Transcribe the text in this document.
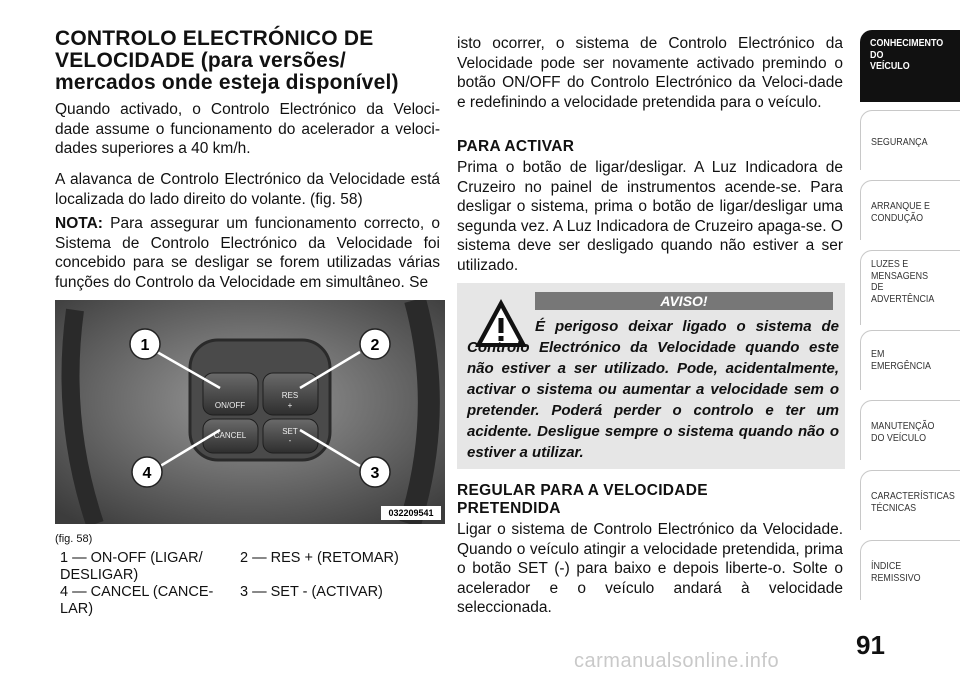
CONTROLO ELECTRÓNICO DE VELOCIDADE (para versões/ mercados onde esteja disponível)

Quando activado, o Controlo Electrónico da Veloci-dade assume o funcionamento do acelerador a veloci-dades superiores a 40 km/h.

A alavanca de Controlo Electrónico da Velocidade está localizada do lado direito do volante. (fig. 58)

NOTA: Para assegurar um funcionamento correcto, o Sistema de Controlo Electrónico da Velocidade foi concebido para se desligar se forem utilizadas várias funções do Controlo da Velocidade em simultâneo. Se

ON/OFF
CANCEL
RES
+
SET
-
1	2
3
4
032209541
(fig. 58)
1 — ON-OFF (LIGAR/ DESLIGAR)
2 — RES + (RETOMAR)
4 — CANCEL (CANCE-LAR)
3 — SET - (ACTIVAR)

isto ocorrer, o sistema de Controlo Electrónico da Velocidade pode ser novamente activado premindo o botão ON/OFF do Controlo Electrónico da Veloci-dade e redefinindo a velocidade pretendida para o veículo.

PARA ACTIVAR

Prima o botão de ligar/desligar. A Luz Indicadora de Cruzeiro no painel de instrumentos acende-se. Para desligar o sistema, prima o botão de ligar/desligar uma segunda vez. A Luz Indicadora de Cruzeiro apaga-se. O sistema deve ser desligado quando não estiver a ser utilizado.

AVISO!
É perigoso deixar ligado o sistema de Controlo Electrónico da Velocidade quando este não estiver a ser utilizado. Pode, acidentalmente, activar o sistema ou aumentar a velocidade sem o pretender. Poderá perder o controlo e ter um acidente. Desligue sempre o sistema quando não o estiver a utilizar.
REGULAR PARA A VELOCIDADE PRETENDIDA

Ligar o sistema de Controlo Electrónico da Velocidade. Quando o veículo atingir a velocidade pretendida, prima o botão SET (-) para baixo e depois liberte-o. Solte o acelerador e o veículo andará à velocidade seleccionada.

CONHECIMENTO
DO
VEÍCULO
SEGURANÇA
ARRANQUE E
CONDUÇÃO
LUZES E
MENSAGENS
DE
ADVERTÊNCIA
EM
EMERGÊNCIA
MANUTENÇÃO
DO VEÍCULO
CARACTERÍSTICAS
TÉCNICAS
ÍNDICE
REMISSIVO
91
carmanualsonline.info
